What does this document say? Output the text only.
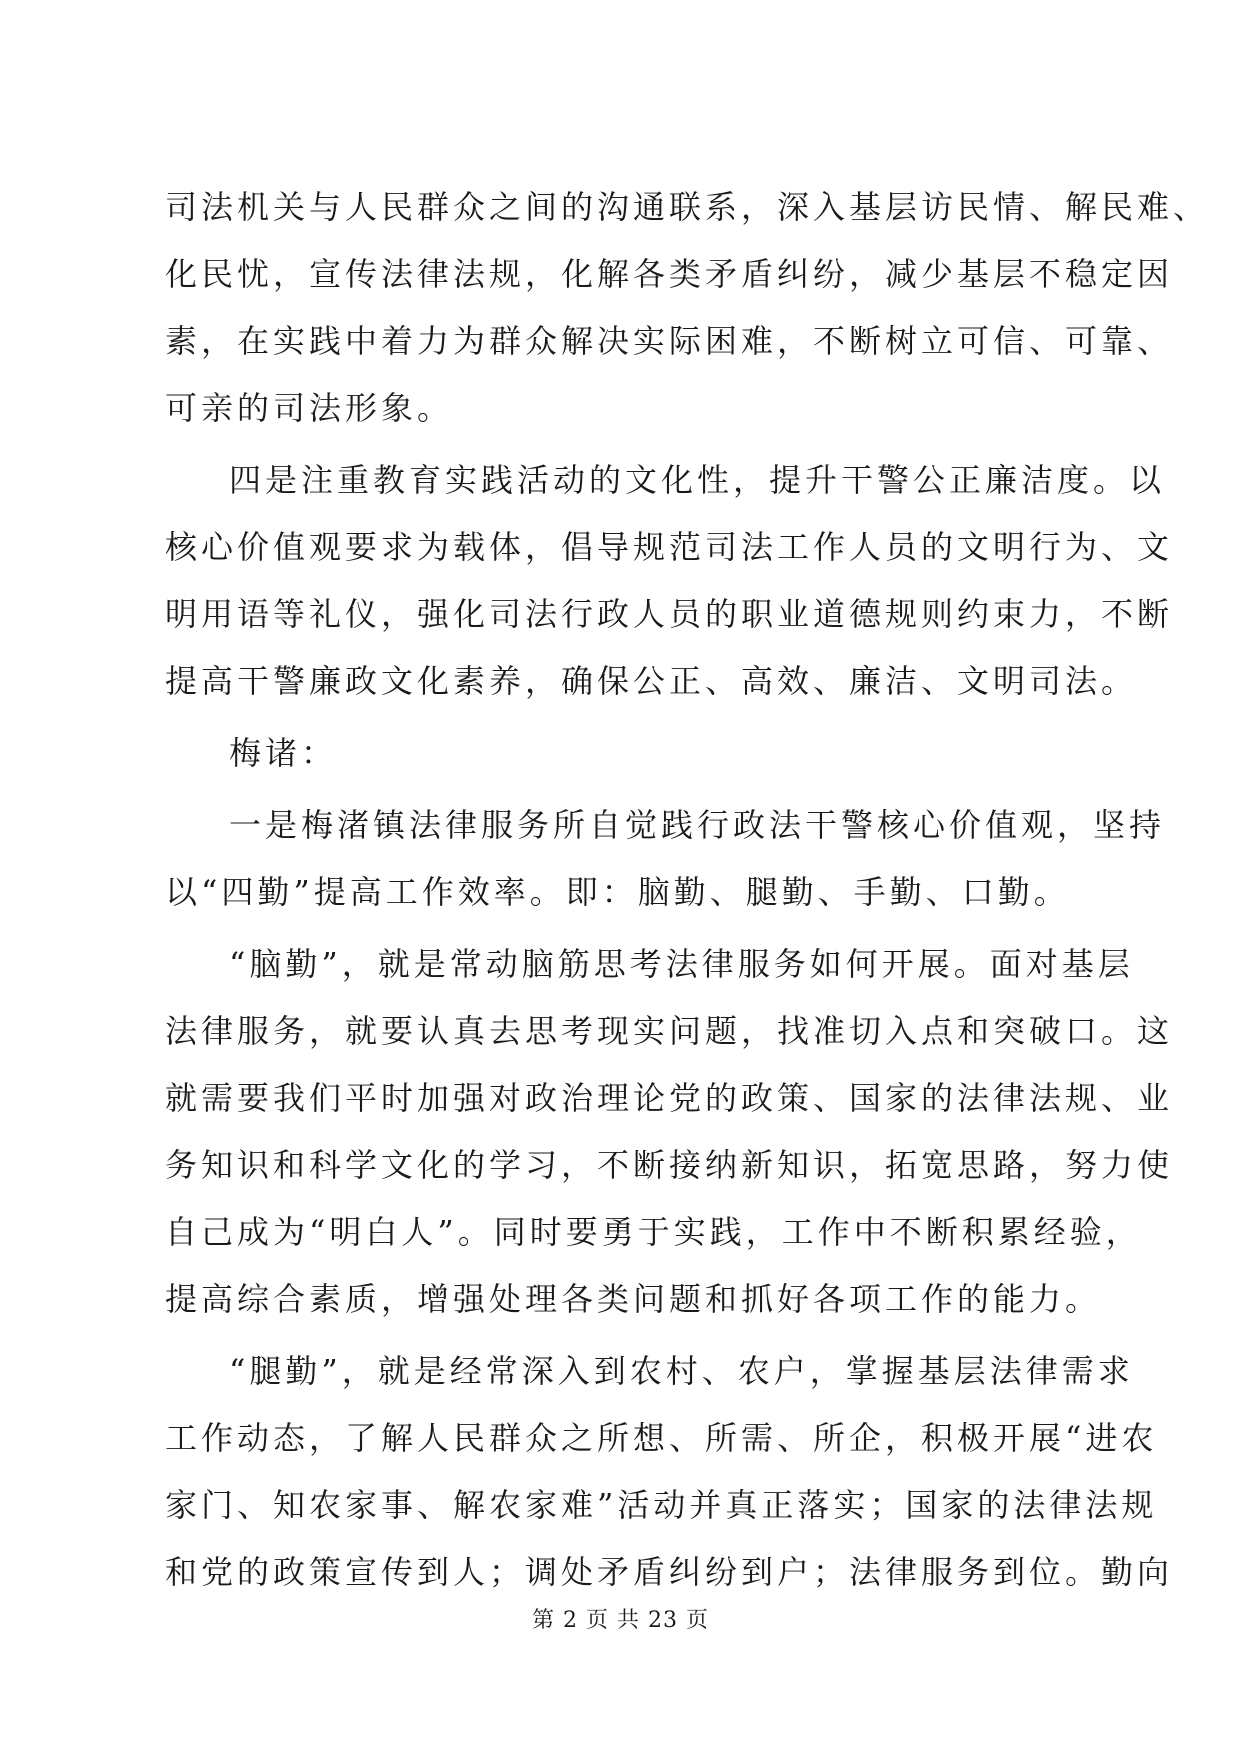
司法机关与人民群众之间的沟通联系，深入基层访民情、解民难、
化民忧，宣传法律法规，化解各类矛盾纠纷，减少基层不稳定因
素，在实践中着力为群众解决实际困难，不断树立可信、可靠、
可亲的司法形象。
四是注重教育实践活动的文化性，提升干警公正廉洁度。以
核心价值观要求为载体，倡导规范司法工作人员的文明行为、文
明用语等礼仪，强化司法行政人员的职业道德规则约束力，不断
提高干警廉政文化素养，确保公正、高效、廉洁、文明司法。
梅诸：
一是梅渚镇法律服务所自觉践行政法干警核心价值观，坚持
以“四勤”提高工作效率。即：脑勤、腿勤、手勤、口勤。
“脑勤”，就是常动脑筋思考法律服务如何开展。面对基层
法律服务，就要认真去思考现实问题，找准切入点和突破口。这
就需要我们平时加强对政治理论党的政策、国家的法律法规、业
务知识和科学文化的学习，不断接纳新知识，拓宽思路，努力使
自己成为“明白人”。同时要勇于实践，工作中不断积累经验，
提高综合素质，增强处理各类问题和抓好各项工作的能力。
“腿勤”，就是经常深入到农村、农户，掌握基层法律需求
工作动态，了解人民群众之所想、所需、所企，积极开展“进农
家门、知农家事、解农家难”活动并真正落实；国家的法律法规
和党的政策宣传到人；调处矛盾纠纷到户；法律服务到位。勤向
第 2 页 共 23 页
